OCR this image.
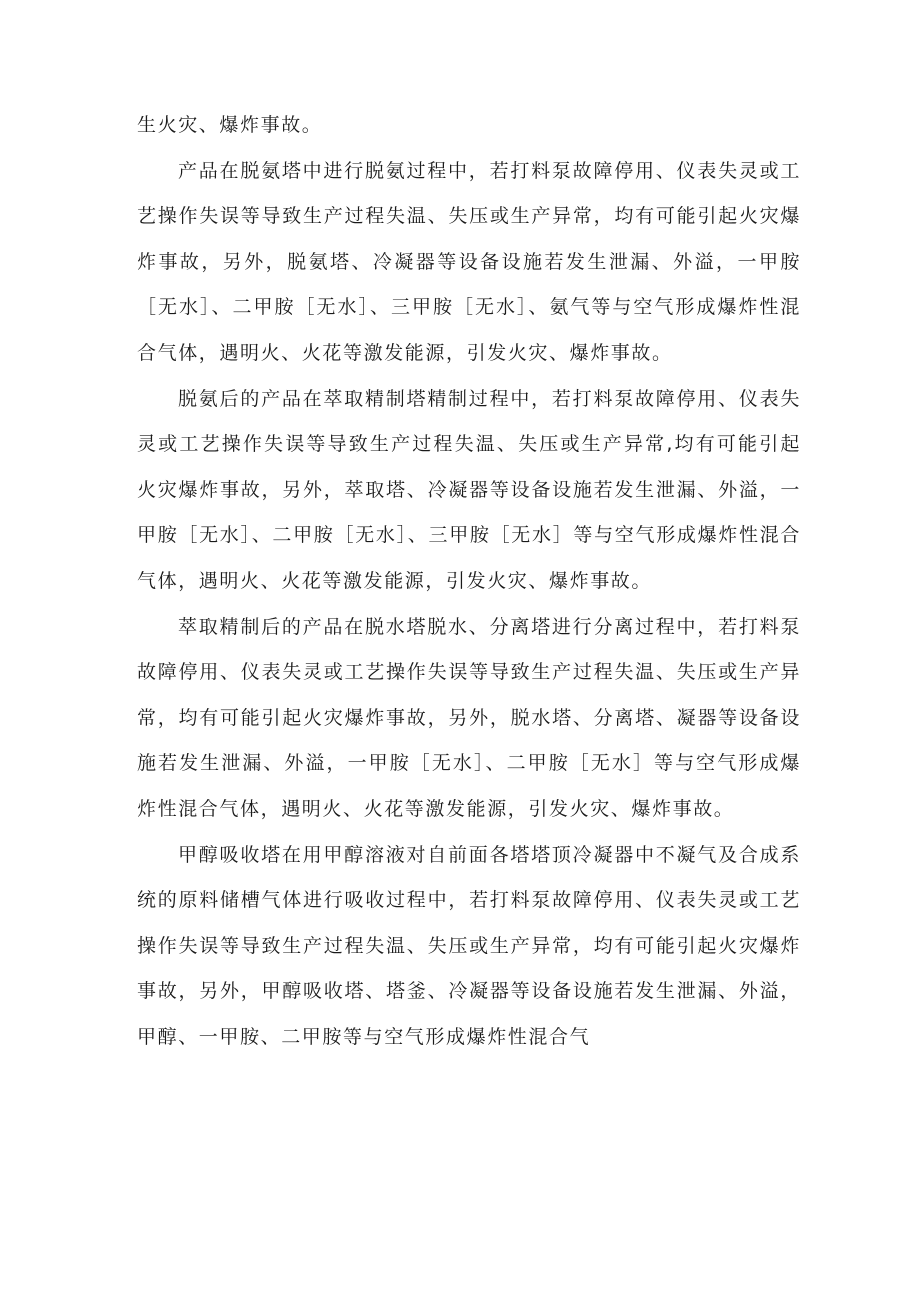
生火灾、爆炸事故。

产品在脱氨塔中进行脱氨过程中，若打料泵故障停用、仪表失灵或工艺操作失误等导致生产过程失温、失压或生产异常，均有可能引起火灾爆炸事故，另外，脱氨塔、冷凝器等设备设施若发生泄漏、外溢，一甲胺［无水］、二甲胺［无水］、三甲胺［无水］、氨气等与空气形成爆炸性混合气体，遇明火、火花等激发能源，引发火灾、爆炸事故。

脱氨后的产品在萃取精制塔精制过程中，若打料泵故障停用、仪表失灵或工艺操作失误等导致生产过程失温、失压或生产异常,均有可能引起火灾爆炸事故，另外，萃取塔、冷凝器等设备设施若发生泄漏、外溢，一甲胺［无水］、二甲胺［无水］、三甲胺［无水］等与空气形成爆炸性混合气体，遇明火、火花等激发能源，引发火灾、爆炸事故。

萃取精制后的产品在脱水塔脱水、分离塔进行分离过程中，若打料泵故障停用、仪表失灵或工艺操作失误等导致生产过程失温、失压或生产异常，均有可能引起火灾爆炸事故，另外，脱水塔、分离塔、凝器等设备设施若发生泄漏、外溢，一甲胺［无水］、二甲胺［无水］等与空气形成爆炸性混合气体，遇明火、火花等激发能源，引发火灾、爆炸事故。

甲醇吸收塔在用甲醇溶液对自前面各塔塔顶冷凝器中不凝气及合成系统的原料储槽气体进行吸收过程中，若打料泵故障停用、仪表失灵或工艺操作失误等导致生产过程失温、失压或生产异常，均有可能引起火灾爆炸事故，另外，甲醇吸收塔、塔釜、冷凝器等设备设施若发生泄漏、外溢，甲醇、一甲胺、二甲胺等与空气形成爆炸性混合气
